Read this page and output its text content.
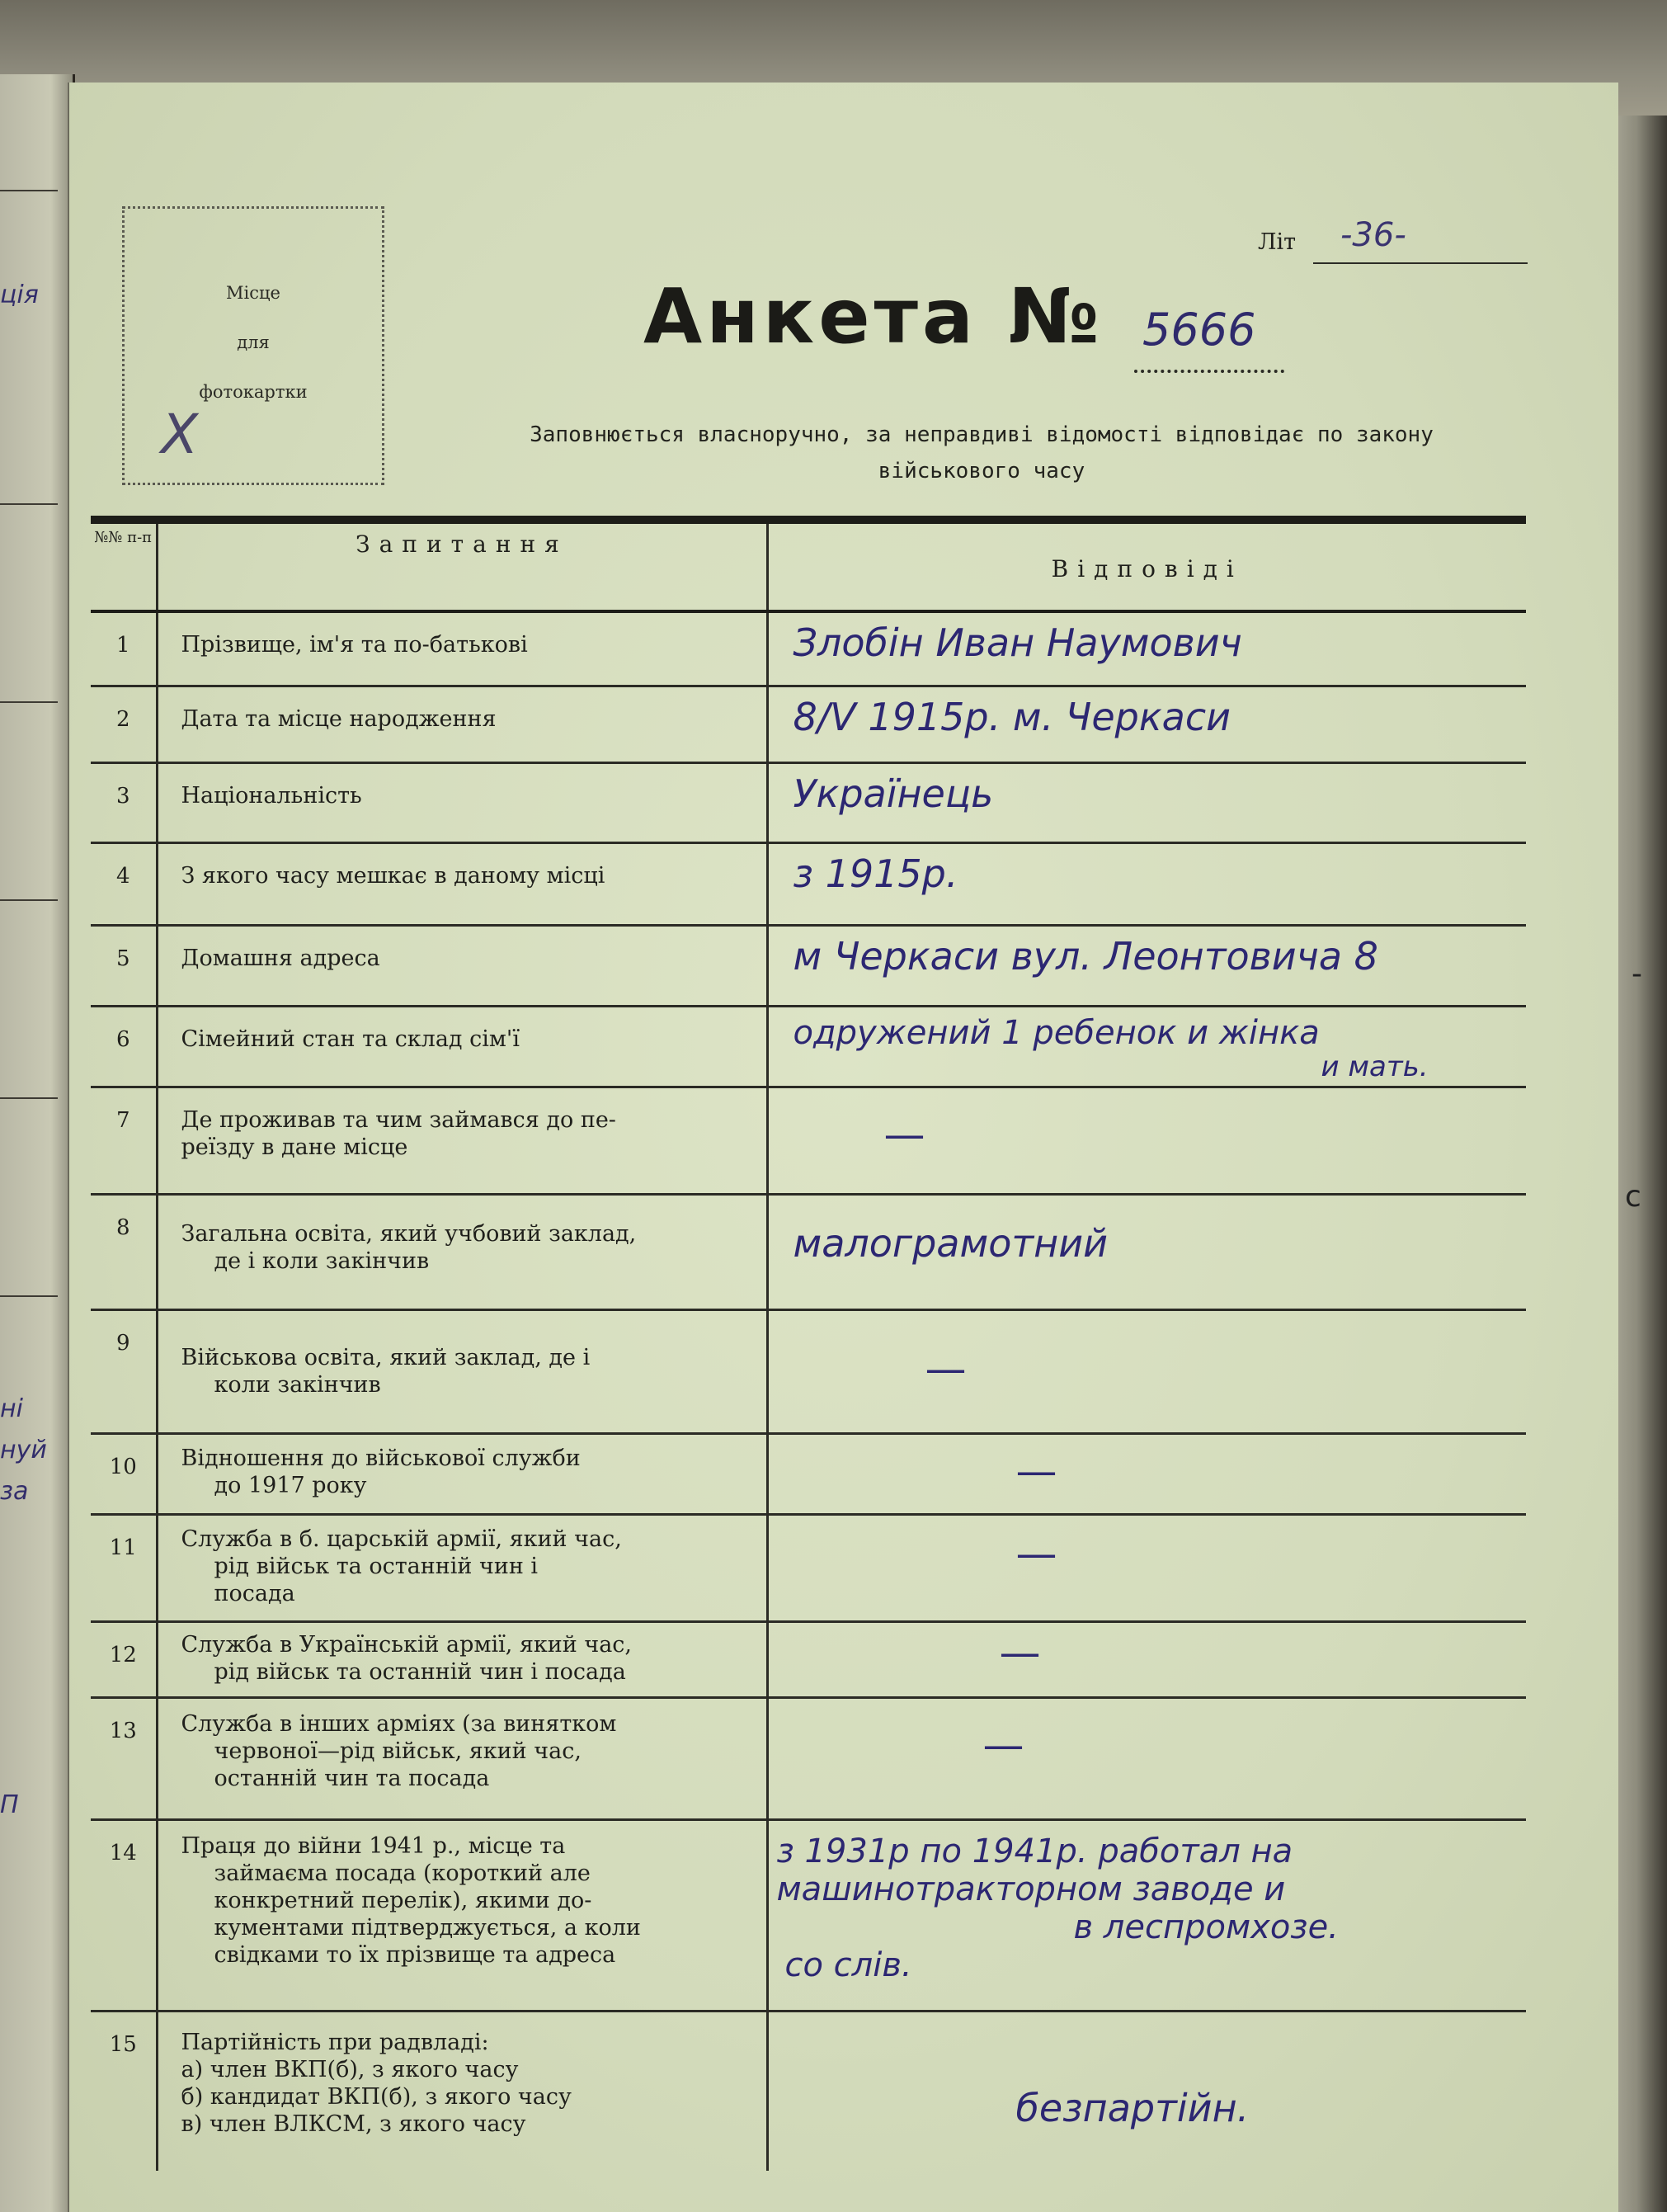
ція
ні
нуй
за
П
с
-
Місце
для
фотокартки
Х
Літ -36-
Анкета № 5666
Заповнюється власноручно, за неправдиві відомості відповідає по закону
військового часу
№№ п-п	Запитання	Відповіді
1	Прізвище, ім'я та по-батькові	Злобін Иван Наумович
2	Дата та місце народження	8/V 1915р. м. Черкаси
3	Національність	Українець
4	З якого часу мешкає в даному місці	з 1915р.
5	Домашня адреса	м Черкаси вул. Леонтовича 8
6	Сімейний стан та склад сім'ї	одружений 1 ребенок и жінка
и мать.

7	Де проживав та чим займався до пе-
реїзду в дане місце	—

8	Загальна освіта, який учбовий заклад,
де і коли закінчив	малограмотний

9	Військова освіта, який заклад, де і
коли закінчив	—

10	Відношення до військової служби
до 1917 року	—

11	Служба в б. царській армії, який час,
рід військ та останній чин і
посада	—

12	Служба в Українській армії, який час,
рід військ та останній чин і посада	—

13	Служба в інших арміях (за винятком
червоної—рід військ, який час,
останній чин та посада	—

14	Праця до війни 1941 р., місце та
займаєма посада (короткий але
конкретний перелік), якими до-
кументами підтверджується, а коли
свідками то їх прізвище та адреса	з 1931р по 1941р. работал на
машинотракторном заводе и
в леспромхозе.
со слів.

15	Партійність при радвладі:
а) член ВКП(б), з якого часу
б) кандидат ВКП(б), з якого часу
в) член ВЛКСМ, з якого часу	безпартійн.
